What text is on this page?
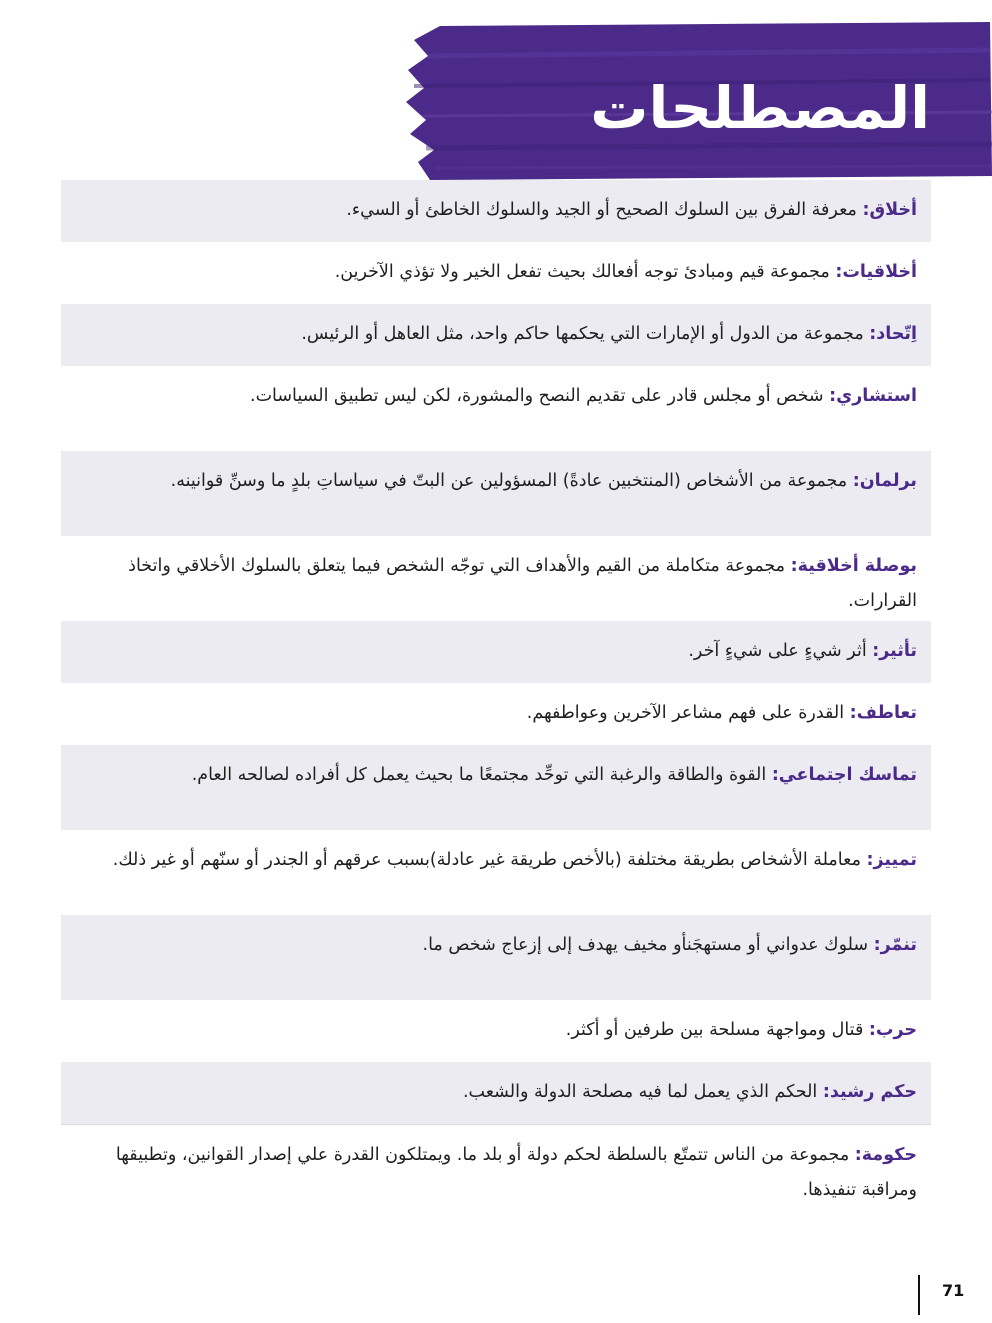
المصطلحات
أخلاق: معرفة الفرق بين السلوك الصحيح أو الجيد والسلوك الخاطئ أو السيء.
أخلاقيات: مجموعة قيم ومبادئ توجه أفعالك بحيث تفعل الخير ولا تؤذي الآخرين.
اِتّحاد: مجموعة من الدول أو الإمارات التي يحكمها حاكم واحد، مثل العاهل أو الرئيس.
استشاري: شخص أو مجلس قادر على تقديم النصح والمشورة، لكن ليس تطبيق السياسات.
برلمان: مجموعة من الأشخاص (المنتخبين عادةً) المسؤولين عن البتّ في سياساتِ بلدٍ ما وسنِّ قوانينه.
بوصلة أخلاقية: مجموعة متكاملة من القيم والأهداف التي توجّه الشخص فيما يتعلق بالسلوك الأخلاقي واتخاذ القرارات.
تأثير: أثر شيءٍ على شيءٍ آخر.
تعاطف: القدرة على فهم مشاعر الآخرين وعواطفهم.
تماسك اجتماعي: القوة والطاقة والرغبة التي توحِّد مجتمعًا ما بحيث يعمل كل أفراده لصالحه العام.
تمييز: معاملة الأشخاص بطريقة مختلفة (بالأخص طريقة غير عادلة)بسبب عرقهم أو الجندر أو سنّهم أو غير ذلك.
تنمّر: سلوك عدواني أو مستهجَنأو مخيف يهدف إلى إزعاج شخص ما.
حرب: قتال ومواجهة مسلحة بين طرفين أو أكثر.
حكم رشيد: الحكم الذي يعمل لما فيه مصلحة الدولة والشعب.
حكومة: مجموعة من الناس تتمتّع بالسلطة لحكم دولة أو بلد ما. ويمتلكون القدرة علي إصدار القوانين، وتطبيقها ومراقبة تنفيذها.
71
